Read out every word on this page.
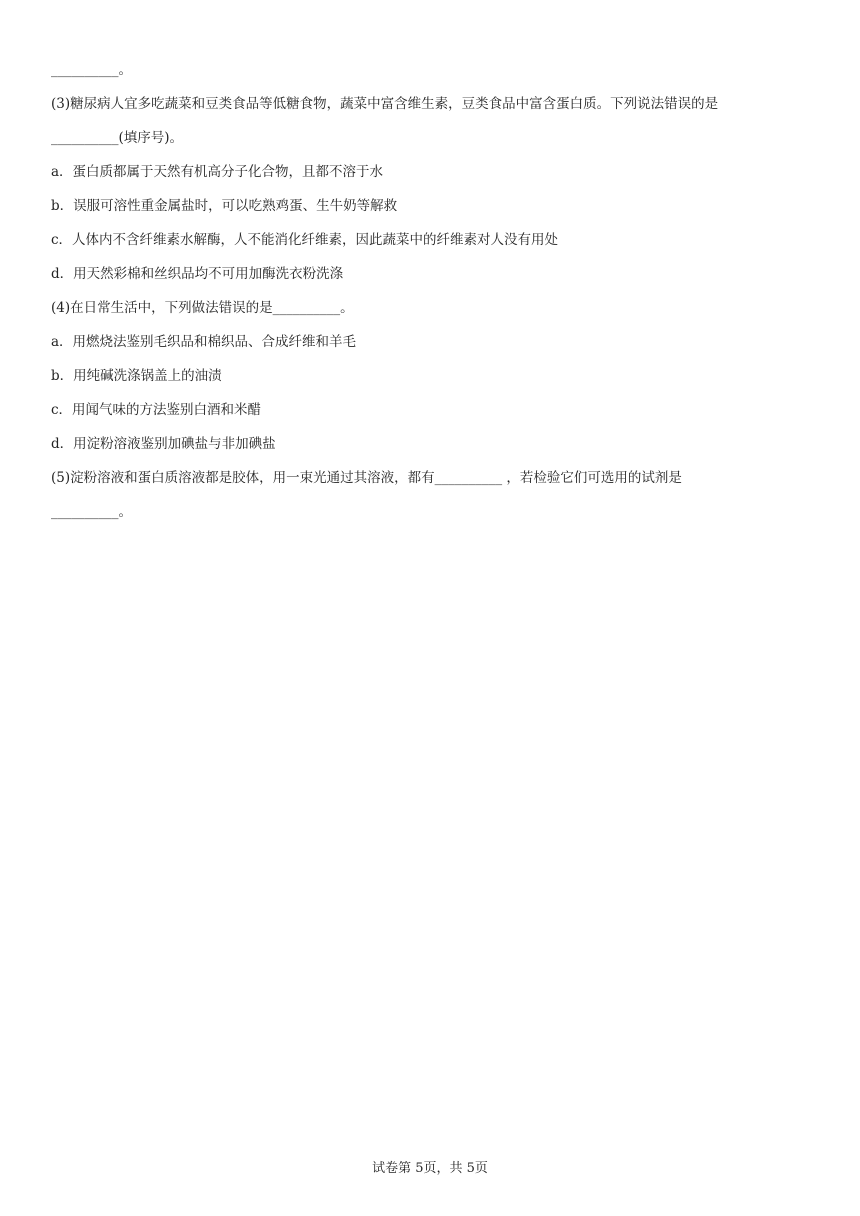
__________。
(3)糖尿病人宜多吃蔬菜和豆类食品等低糖食物，蔬菜中富含维生素，豆类食品中富含蛋白质。下列说法错误的是
__________(填序号)。
a．蛋白质都属于天然有机高分子化合物，且都不溶于水
b．误服可溶性重金属盐时，可以吃熟鸡蛋、生牛奶等解救
c．人体内不含纤维素水解酶，人不能消化纤维素，因此蔬菜中的纤维素对人没有用处
d．用天然彩棉和丝织品均不可用加酶洗衣粉洗涤
(4)在日常生活中，下列做法错误的是__________。
a．用燃烧法鉴别毛织品和棉织品、合成纤维和羊毛
b．用纯碱洗涤锅盖上的油渍
c．用闻气味的方法鉴别白酒和米醋
d．用淀粉溶液鉴别加碘盐与非加碘盐
(5)淀粉溶液和蛋白质溶液都是胶体，用一束光通过其溶液，都有__________ ，若检验它们可选用的试剂是
__________。
试卷第 5页，共 5页
